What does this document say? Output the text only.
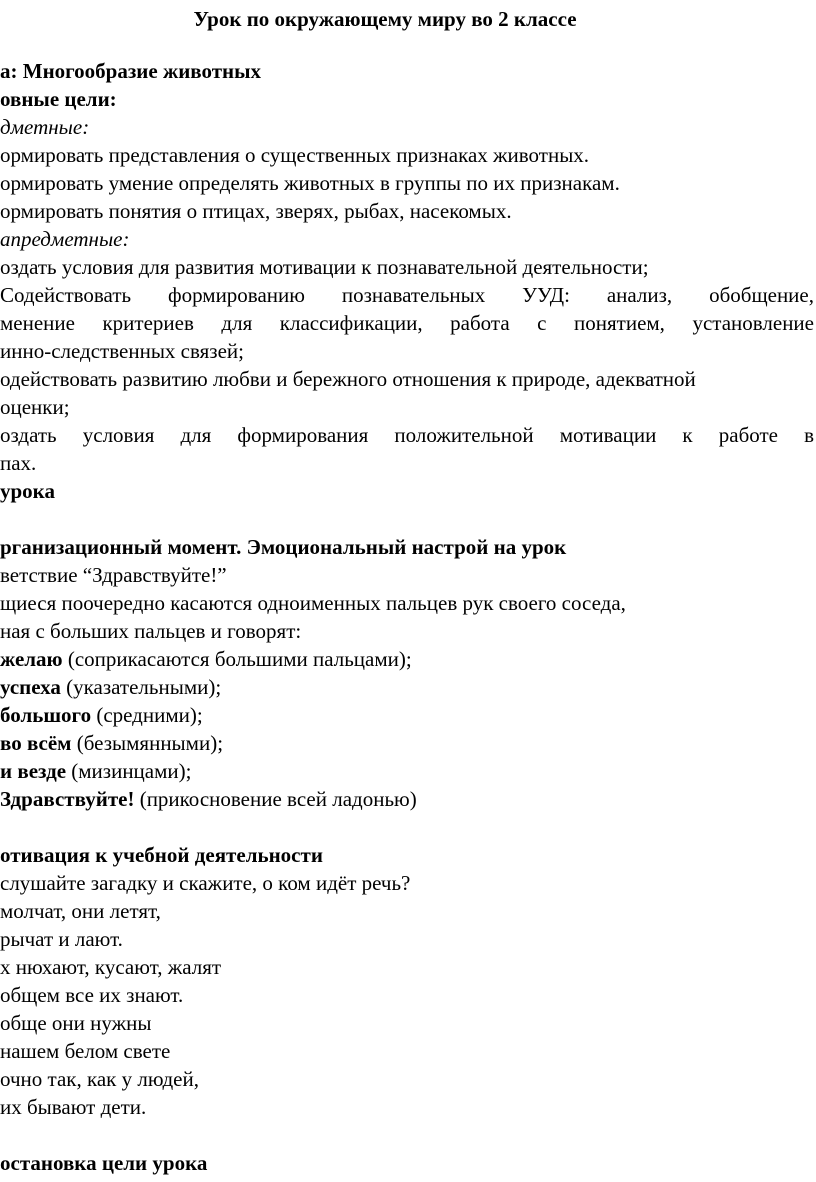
Урок по окружающему миру во 2 классе
а: Многообразие животных
овные цели:
дметные:
ормировать представления о существенных признаках животных.
ормировать умение определять животных в группы по их признакам.
ормировать понятия о птицах, зверях, рыбах, насекомых.
апредметные:
оздать условия для развития мотивации к познавательной деятельности;
Содействовать формированию познавательных УУД: анализ, обобщение,
менение критериев для классификации, работа с понятием, установление
инно-следственных связей;
одействовать развитию любви и бережного отношения к природе, адекватной
оценки;
оздать условия для формирования положительной мотивации к работе в
пах.
урока
рганизационный момент. Эмоциональный настрой на урок
ветствие “Здравствуйте!”
щиеся поочередно касаются одноименных пальцев рук своего соседа,
ная с больших пальцев и говорят:
желаю (соприкасаются большими пальцами);
успеха (указательными);
большого (средними);
во всём (безымянными);
и везде (мизинцами);
Здравствуйте! (прикосновение всей ладонью)
отивация к учебной деятельности
слушайте загадку и скажите, о ком идёт речь?
молчат, они летят,
рычат и лают.
х нюхают, кусают, жалят
общем все их знают.
обще они нужны
нашем белом свете
очно так, как у людей,
их бывают дети.
остановка цели урока
